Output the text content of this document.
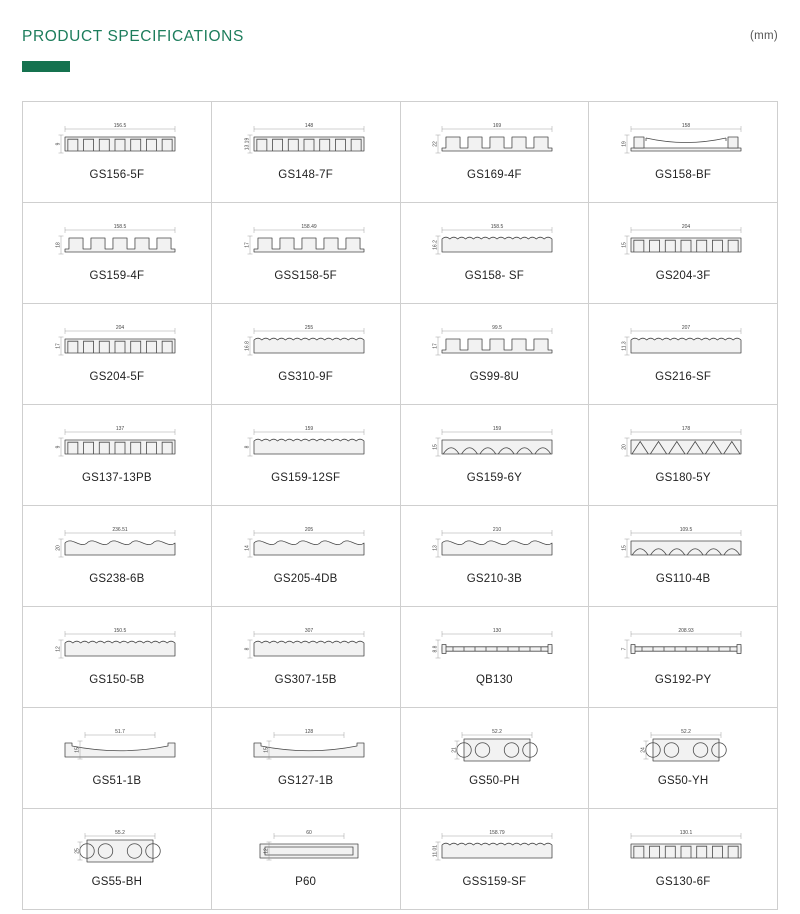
PRODUCT SPECIFICATIONS	(mm)
156.5
9
GS156-5F
148
13.19
GS148-7F
169
22
GS169-4F
158
19
GS158-BF
158.5
18
GS159-4F
158.49
17
GSS158-5F
158.5
16.2
GS158- SF
204
15
GS204-3F
204
17
GS204-5F
255
16.8
GS310-9F
99.5
17
GS99-8U
207
11.3
GS216-SF
137
9
GS137-13PB
159
8
GS159-12SF
159
15
GS159-6Y
178
20
GS180-5Y
236.51
20
GS238-6B
205
14
GS205-4DB
210
13
GS210-3B
109.5
15
GS110-4B
150.5
12
GS150-5B
307
8
GS307-15B
130
8.8
QB130
208.93
7
GS192-PY
51.7
15
GS51-1B
128
15
GS127-1B
52.2
21
GS50-PH
52.2
24
GS50-YH
55.2
25
GS55-BH
60
12
P60
158.79
11.01
GSS159-SF
130.1
GS130-6F
